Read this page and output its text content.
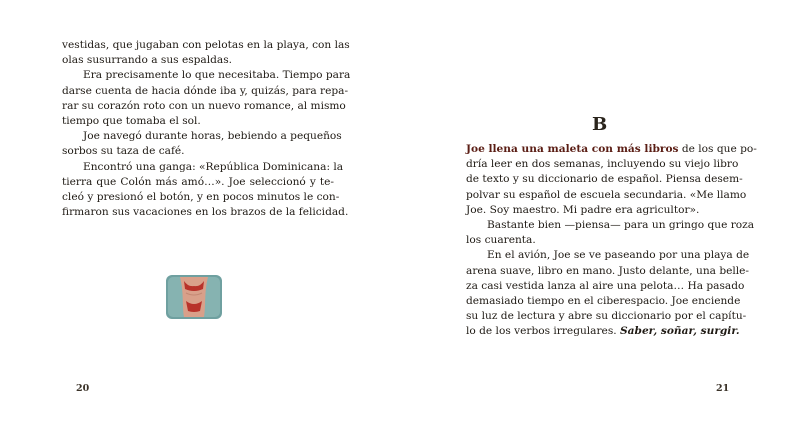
vestidas, que jugaban con pelotas en la playa, con las
olas susurrando a sus espaldas.
Era precisamente lo que necesitaba. Tiempo para
darse cuenta de hacia dónde iba y, quizás, para repa-
rar su corazón roto con un nuevo romance, al mismo
tiempo que tomaba el sol.
Joe navegó durante horas, bebiendo a pequeños
sorbos su taza de café.
Encontró una ganga: «República Dominicana: la
tierra que Colón más amó…». Joe seleccionó y te-
cleó y presionó el botón, y en pocos minutos le con-
firmaron sus vacaciones en los brazos de la felicidad.
20
B
Joe llena una maleta con más libros de los que po-
dría leer en dos semanas, incluyendo su viejo libro
de texto y su diccionario de español. Piensa desem-
polvar su español de escuela secundaria. «Me llamo
Joe. Soy maestro. Mi padre era agricultor».
Bastante bien —piensa— para un gringo que roza
los cuarenta.
En el avión, Joe se ve paseando por una playa de
arena suave, libro en mano. Justo delante, una belle-
za casi vestida lanza al aire una pelota… Ha pasado
demasiado tiempo en el ciberespacio. Joe enciende
su luz de lectura y abre su diccionario por el capítu-
lo de los verbos irregulares. Saber, soñar, surgir.
21
